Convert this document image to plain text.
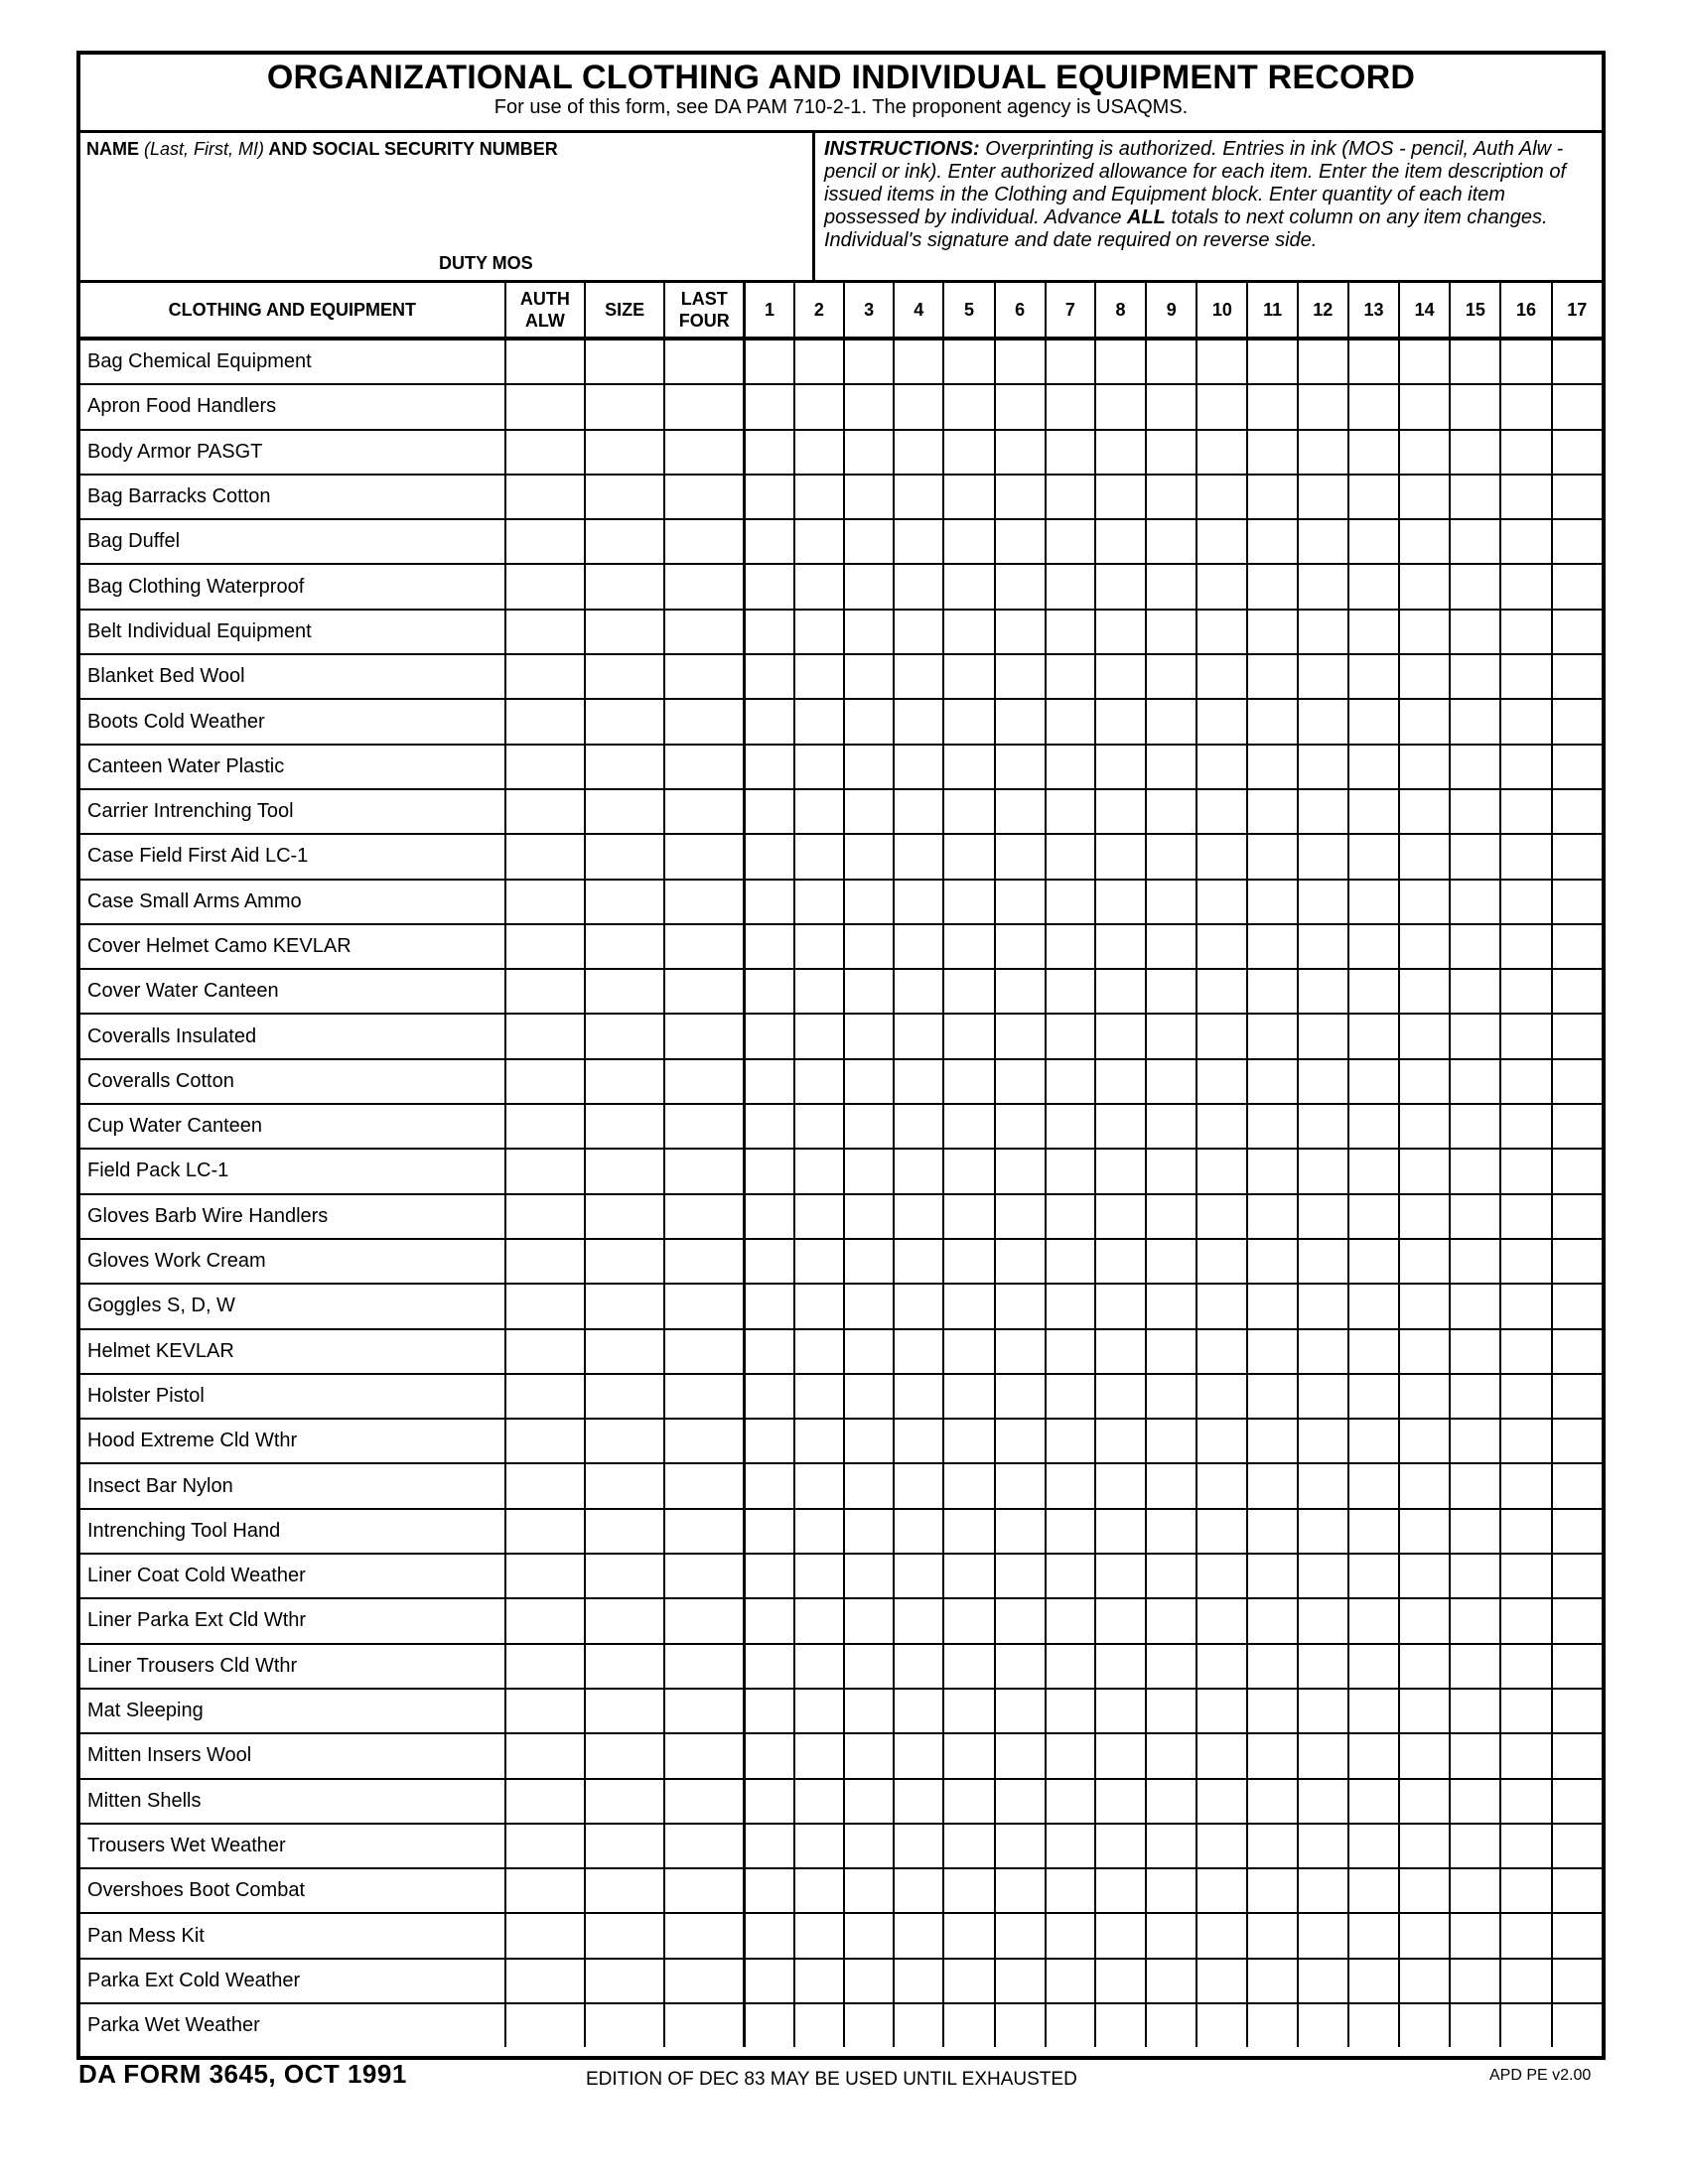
ORGANIZATIONAL CLOTHING AND INDIVIDUAL EQUIPMENT RECORD
For use of this form, see DA PAM 710-2-1. The proponent agency is USAQMS.
NAME (Last, First, MI) AND SOCIAL SECURITY NUMBER
DUTY MOS
INSTRUCTIONS: Overprinting is authorized. Entries in ink (MOS - pencil, Auth Alw - pencil or ink). Enter authorized allowance for each item. Enter the item description of issued items in the Clothing and Equipment block. Enter quantity of each item possessed by individual. Advance ALL totals to next column on any item changes. Individual's signature and date required on reverse side.
CLOTHING AND EQUIPMENT	AUTH ALW	SIZE	LAST FOUR	1	2	3	4	5	6	7	8	9	10	11	12	13	14	15	16	17
Bag Chemical Equipment																				
Apron Food Handlers																				
Body Armor PASGT																				
Bag Barracks Cotton																				
Bag Duffel																				
Bag Clothing Waterproof																				
Belt Individual Equipment																				
Blanket Bed Wool																				
Boots Cold Weather																				
Canteen Water Plastic																				
Carrier Intrenching Tool																				
Case Field First Aid LC-1																				
Case Small Arms Ammo																				
Cover Helmet Camo KEVLAR																				
Cover Water Canteen																				
Coveralls Insulated																				
Coveralls Cotton																				
Cup Water Canteen																				
Field Pack LC-1																				
Gloves Barb Wire Handlers																				
Gloves Work Cream																				
Goggles S, D, W																				
Helmet KEVLAR																				
Holster Pistol																				
Hood Extreme Cld Wthr																				
Insect Bar Nylon																				
Intrenching Tool Hand																				
Liner Coat Cold Weather																				
Liner Parka Ext Cld Wthr																				
Liner Trousers Cld Wthr																				
Mat Sleeping																				
Mitten Insers Wool																				
Mitten Shells																				
Trousers Wet Weather																				
Overshoes Boot Combat																				
Pan Mess Kit																				
Parka Ext Cold Weather																				
Parka Wet Weather																				
DA FORM 3645, OCT 1991	EDITION OF DEC 83 MAY BE USED UNTIL EXHAUSTED	APD PE v2.00
